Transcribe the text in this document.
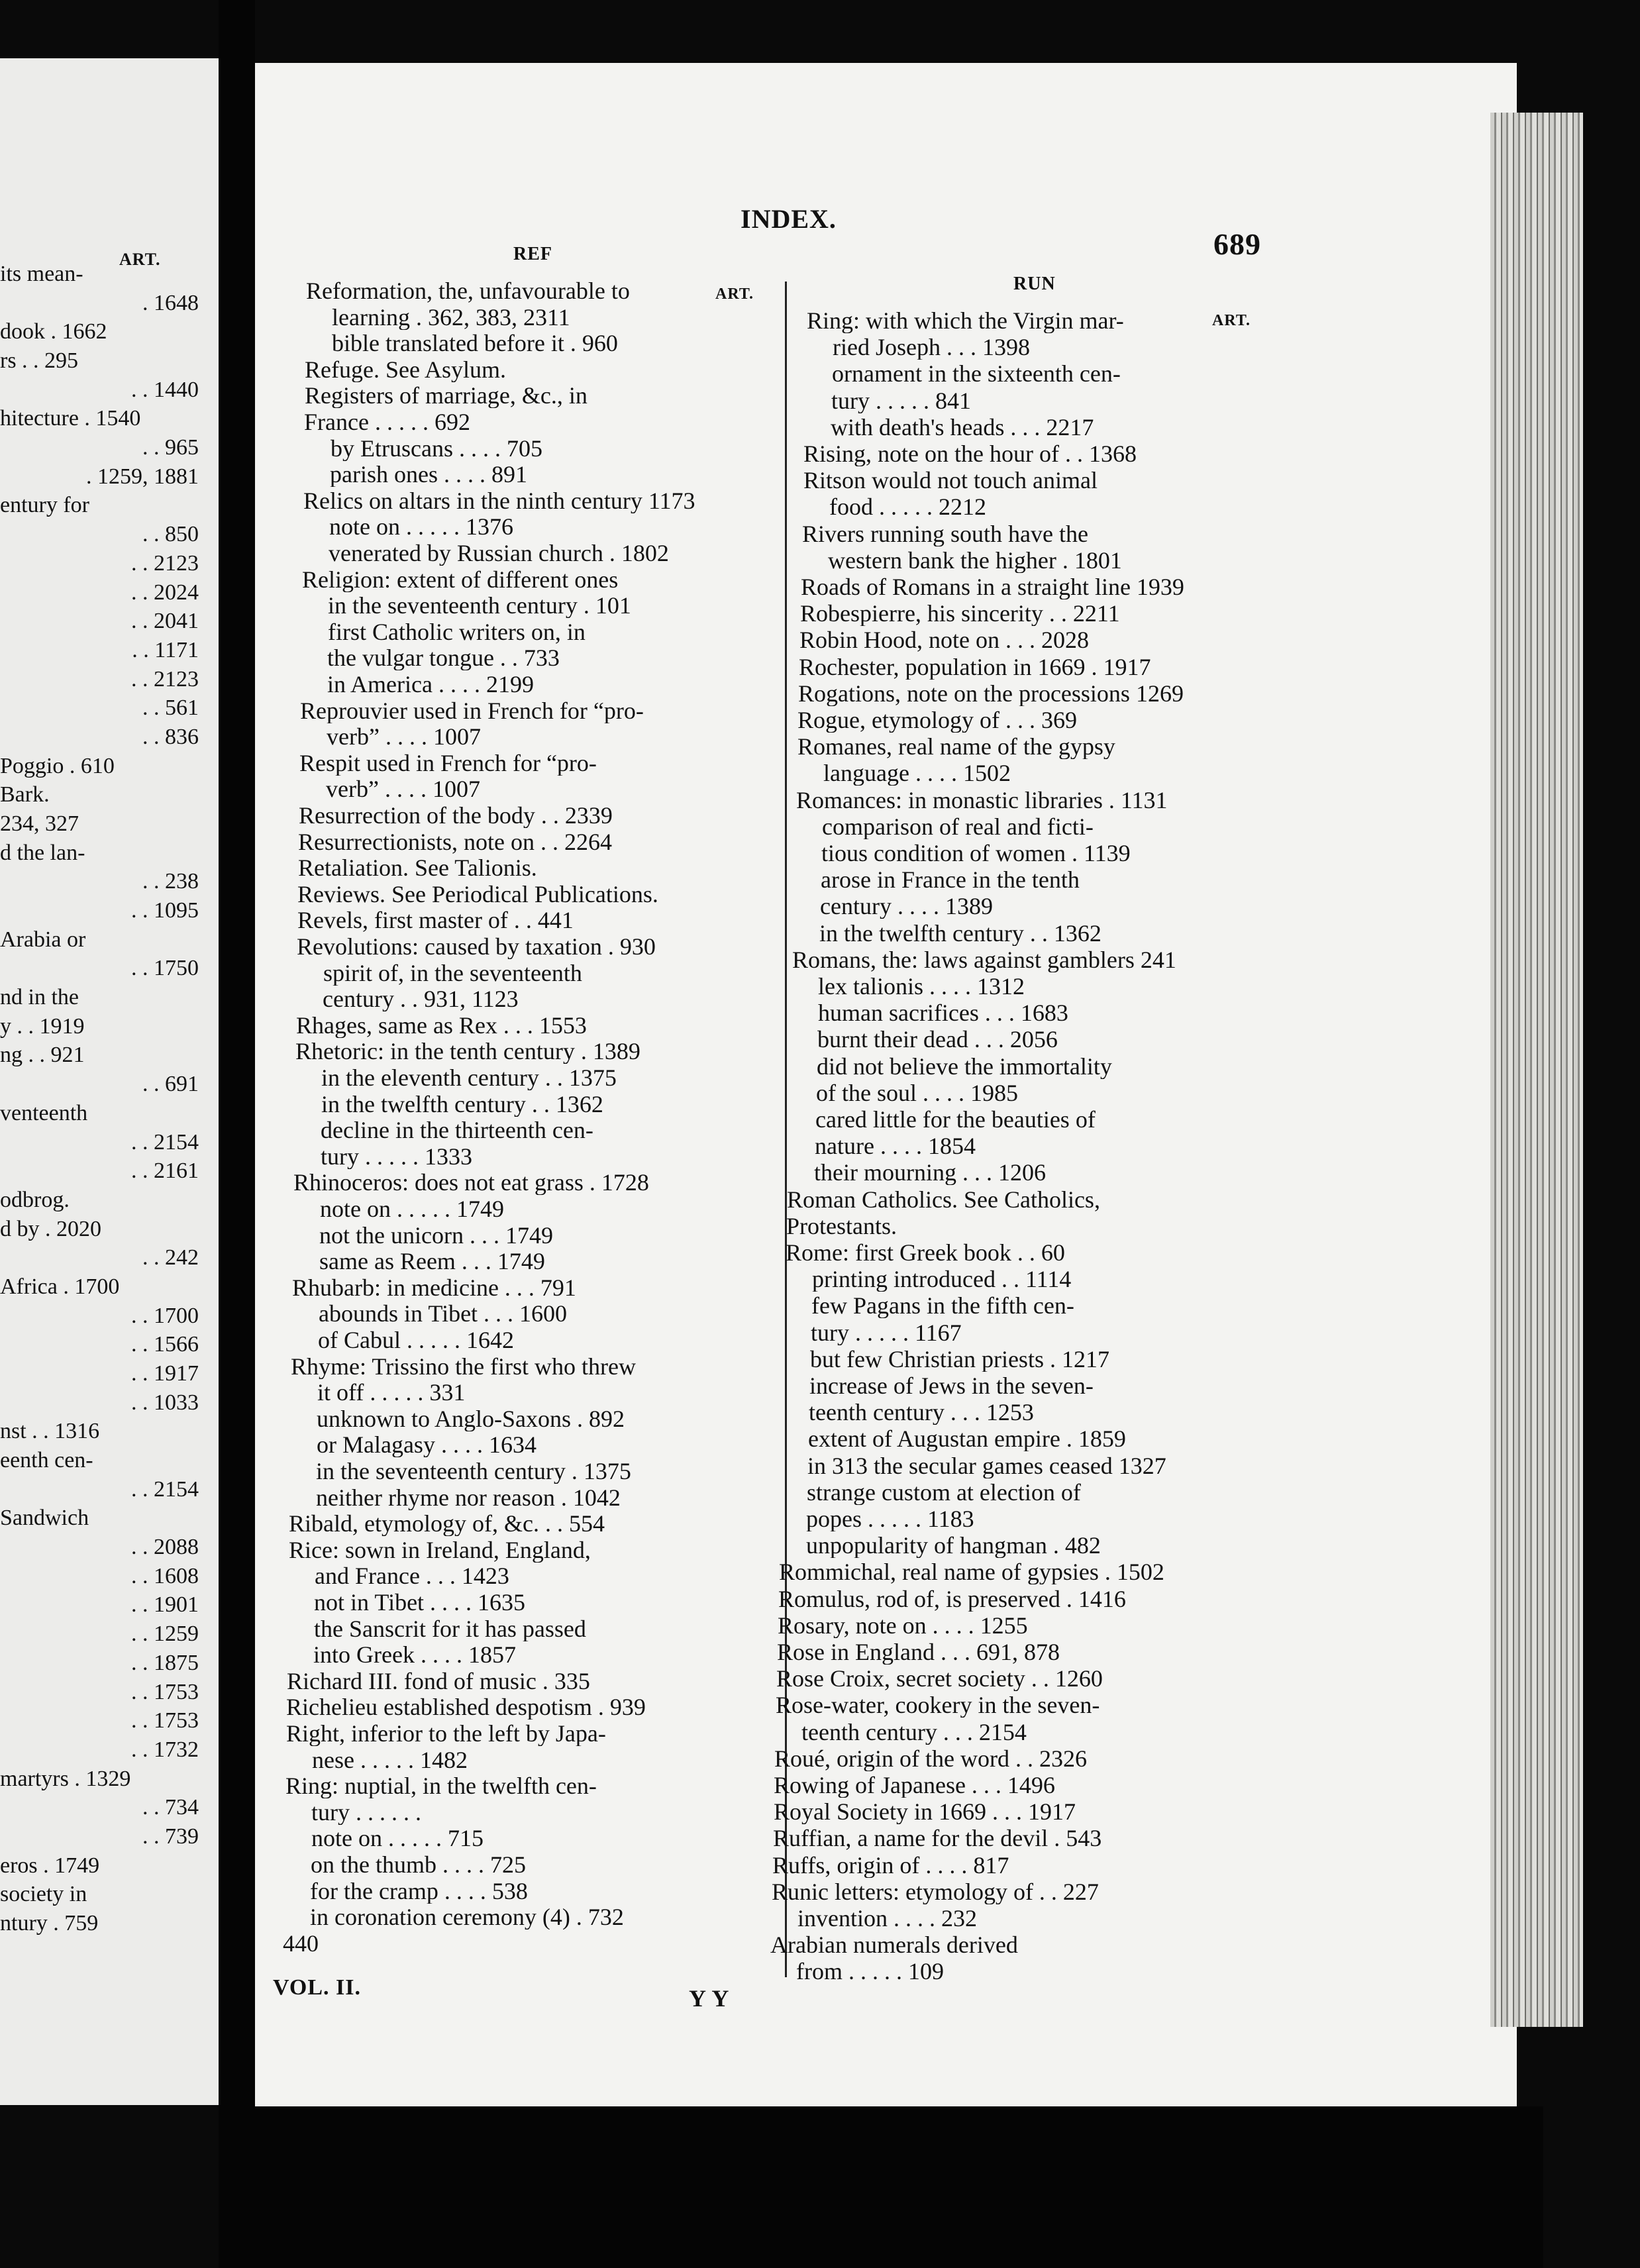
ART.
INDEX.
689
REF
RUN
ART.
ART.
its mean-
. 1648
dook . 1662
rs . . 295
. . 1440
hitecture . 1540
. . 965
. 1259, 1881
entury for
. . 850
. . 2123
. . 2024
. . 2041
. . 1171
. . 2123
. . 561
. . 836
Poggio . 610
Bark.
234, 327
d the lan-
. . 238
. . 1095
Arabia or
. . 1750
nd in the
y . . 1919
ng . . 921
. . 691
venteenth
. . 2154
. . 2161
odbrog.
d by . 2020
. . 242
Africa . 1700
. . 1700
. . 1566
. . 1917
. . 1033
nst . . 1316
eenth cen-
. . 2154
Sandwich
. . 2088
. . 1608
. . 1901
. . 1259
. . 1875
. . 1753
. . 1753
. . 1732
martyrs . 1329
. . 734
. . 739
eros . 1749
society in
ntury . 759
Reformation, the, unfavourable to
learning . 362, 383, 2311
bible translated before it . 960
Refuge. See Asylum.
Registers of marriage, &c., in
France . . . . . 692
by Etruscans . . . . 705
parish ones . . . . 891
Relics on altars in the ninth century 1173
note on . . . . . 1376
venerated by Russian church . 1802
Religion: extent of different ones
in the seventeenth century . 101
first Catholic writers on, in
the vulgar tongue . . 733
in America . . . . 2199
Reprouvier used in French for “pro-
verb” . . . . 1007
Respit used in French for “pro-
verb” . . . . 1007
Resurrection of the body . . 2339
Resurrectionists, note on . . 2264
Retaliation. See Talionis.
Reviews. See Periodical Publications.
Revels, first master of . . 441
Revolutions: caused by taxation . 930
spirit of, in the seventeenth
century . . 931, 1123
Rhages, same as Rex . . . 1553
Rhetoric: in the tenth century . 1389
in the eleventh century . . 1375
in the twelfth century . . 1362
decline in the thirteenth cen-
tury . . . . . 1333
Rhinoceros: does not eat grass . 1728
note on . . . . . 1749
not the unicorn . . . 1749
same as Reem . . . 1749
Rhubarb: in medicine . . . 791
abounds in Tibet . . . 1600
of Cabul . . . . . 1642
Rhyme: Trissino the first who threw
it off . . . . . 331
unknown to Anglo-Saxons . 892
or Malagasy . . . . 1634
in the seventeenth century . 1375
neither rhyme nor reason . 1042
Ribald, etymology of, &c. . . 554
Rice: sown in Ireland, England,
and France . . . 1423
not in Tibet . . . . 1635
the Sanscrit for it has passed
into Greek . . . . 1857
Richard III. fond of music . 335
Richelieu established despotism . 939
Right, inferior to the left by Japa-
nese . . . . . 1482
Ring: nuptial, in the twelfth cen-
tury . . . . . .
note on . . . . . 715
on the thumb . . . . 725
for the cramp . . . . 538
in coronation ceremony (4) . 732
440
Ring: with which the Virgin mar-
ried Joseph . . . 1398
ornament in the sixteenth cen-
tury . . . . . 841
with death's heads . . . 2217
Rising, note on the hour of . . 1368
Ritson would not touch animal
food . . . . . 2212
Rivers running south have the
western bank the higher . 1801
Roads of Romans in a straight line 1939
Robespierre, his sincerity . . 2211
Robin Hood, note on . . . 2028
Rochester, population in 1669 . 1917
Rogations, note on the processions 1269
Rogue, etymology of . . . 369
Romanes, real name of the gypsy
language . . . . 1502
Romances: in monastic libraries . 1131
comparison of real and ficti-
tious condition of women . 1139
arose in France in the tenth
century . . . . 1389
in the twelfth century . . 1362
Romans, the: laws against gamblers 241
lex talionis . . . . 1312
human sacrifices . . . 1683
burnt their dead . . . 2056
did not believe the immortality
of the soul . . . . 1985
cared little for the beauties of
nature . . . . 1854
their mourning . . . 1206
Roman Catholics. See Catholics,
Protestants.
Rome: first Greek book . . 60
printing introduced . . 1114
few Pagans in the fifth cen-
tury . . . . . 1167
but few Christian priests . 1217
increase of Jews in the seven-
teenth century . . . 1253
extent of Augustan empire . 1859
in 313 the secular games ceased 1327
strange custom at election of
popes . . . . . 1183
unpopularity of hangman . 482
Rommichal, real name of gypsies . 1502
Romulus, rod of, is preserved . 1416
Rosary, note on . . . . 1255
Rose in England . . . 691, 878
Rose Croix, secret society . . 1260
Rose-water, cookery in the seven-
teenth century . . . 2154
Roué, origin of the word . . 2326
Rowing of Japanese . . . 1496
Royal Society in 1669 . . . 1917
Ruffian, a name for the devil . 543
Ruffs, origin of . . . . 817
Runic letters: etymology of . . 227
invention . . . . 232
Arabian numerals derived
from . . . . . 109
VOL. II.	Y Y
